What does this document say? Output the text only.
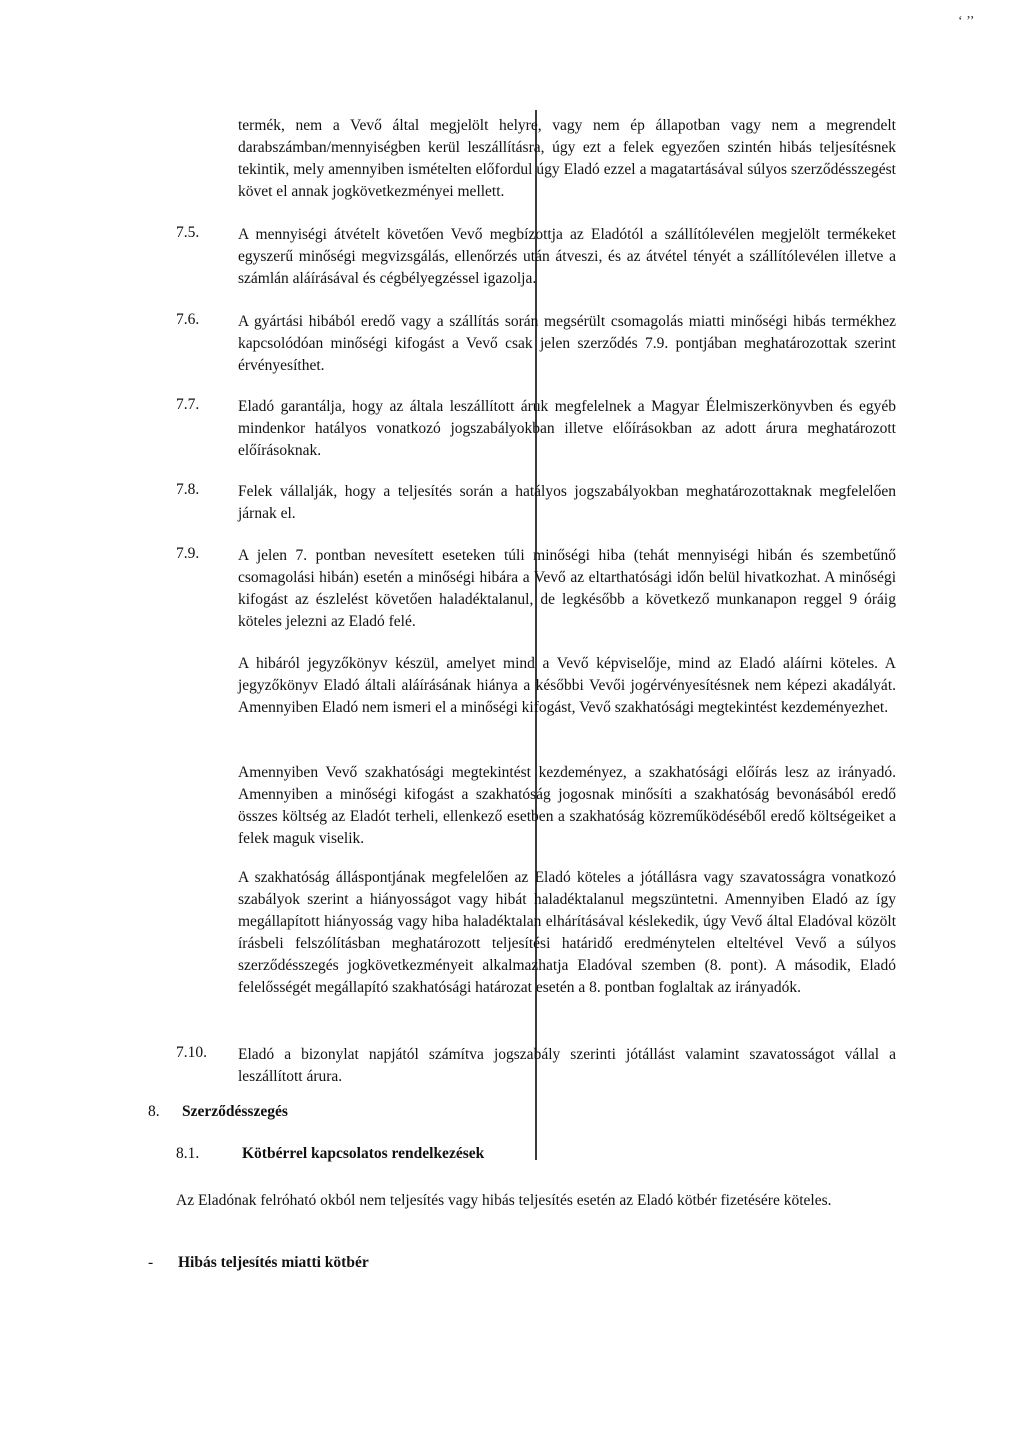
‘ ’’

termék, nem a Vevő által megjelölt helyre, vagy nem ép állapotban vagy nem a megrendelt darabszámban/mennyiségben kerül leszállításra, úgy ezt a felek egyezően szintén hibás teljesítésnek tekintik, mely amennyiben ismételten előfordul úgy Eladó ezzel a magatartásával súlyos szerződésszegést követ el annak jogkövetkezményei mellett.

7.5.	A mennyiségi átvételt követően Vevő megbízottja az Eladótól a szállítólevélen megjelölt termékeket egyszerű minőségi megvizsgálás, ellenőrzés után átveszi, és az átvétel tényét a szállítólevélen illetve a számlán aláírásával és cégbélyegzéssel igazolja.

7.6.	A gyártási hibából eredő vagy a szállítás során megsérült csomagolás miatti minőségi hibás termékhez kapcsolódóan minőségi kifogást a Vevő csak jelen szerződés 7.9. pontjában meghatározottak szerint érvényesíthet.

7.7.	Eladó garantálja, hogy az általa leszállított áruk megfelelnek a Magyar Élelmiszerkönyvben és egyéb mindenkor hatályos vonatkozó jogszabályokban illetve előírásokban az adott árura meghatározott előírásoknak.

7.8.	Felek vállalják, hogy a teljesítés során a hatályos jogszabályokban meghatározottaknak megfelelően járnak el.

7.9.	A jelen 7. pontban nevesített eseteken túli minőségi hiba (tehát mennyiségi hibán és szembetűnő csomagolási hibán) esetén a minőségi hibára a Vevő az eltarthatósági időn belül hivatkozhat. A minőségi kifogást az észlelést követően haladéktalanul, de legkésőbb a következő munkanapon reggel 9 óráig köteles jelezni az Eladó felé.

A hibáról jegyzőkönyv készül, amelyet mind a Vevő képviselője, mind az Eladó aláírni köteles. A jegyzőkönyv Eladó általi aláírásának hiánya a későbbi Vevői jogérvényesítésnek nem képezi akadályát. Amennyiben Eladó nem ismeri el a minőségi kifogást, Vevő szakhatósági megtekintést kezdeményezhet.

Amennyiben Vevő szakhatósági megtekintést kezdeményez, a szakhatósági előírás lesz az irányadó. Amennyiben a minőségi kifogást a szakhatóság jogosnak minősíti a szakhatóság bevonásából eredő összes költség az Eladót terheli, ellenkező esetben a szakhatóság közreműködéséből eredő költségeiket a felek maguk viselik.

A szakhatóság álláspontjának megfelelően az Eladó köteles a jótállásra vagy szavatosságra vonatkozó szabályok szerint a hiányosságot vagy hibát haladéktalanul megszüntetni. Amennyiben Eladó az így megállapított hiányosság vagy hiba haladéktalan elhárításával késlekedik, úgy Vevő által Eladóval közölt írásbeli felszólításban meghatározott teljesítési határidő eredménytelen elteltével Vevő a súlyos szerződésszegés jogkövetkezményeit alkalmazhatja Eladóval szemben (8. pont). A második, Eladó felelősségét megállapító szakhatósági határozat esetén a 8. pontban foglaltak az irányadók.

7.10. Eladó a bizonylat napjától számítva jogszabály szerinti jótállást valamint szavatosságot vállal a leszállított árura.

8. Szerződésszegés
8.1.	Kötbérrel kapcsolatos rendelkezések
Az Eladónak felróható okból nem teljesítés vagy hibás teljesítés esetén az Eladó kötbér fizetésére köteles.
- Hibás teljesítés miatti kötbér
